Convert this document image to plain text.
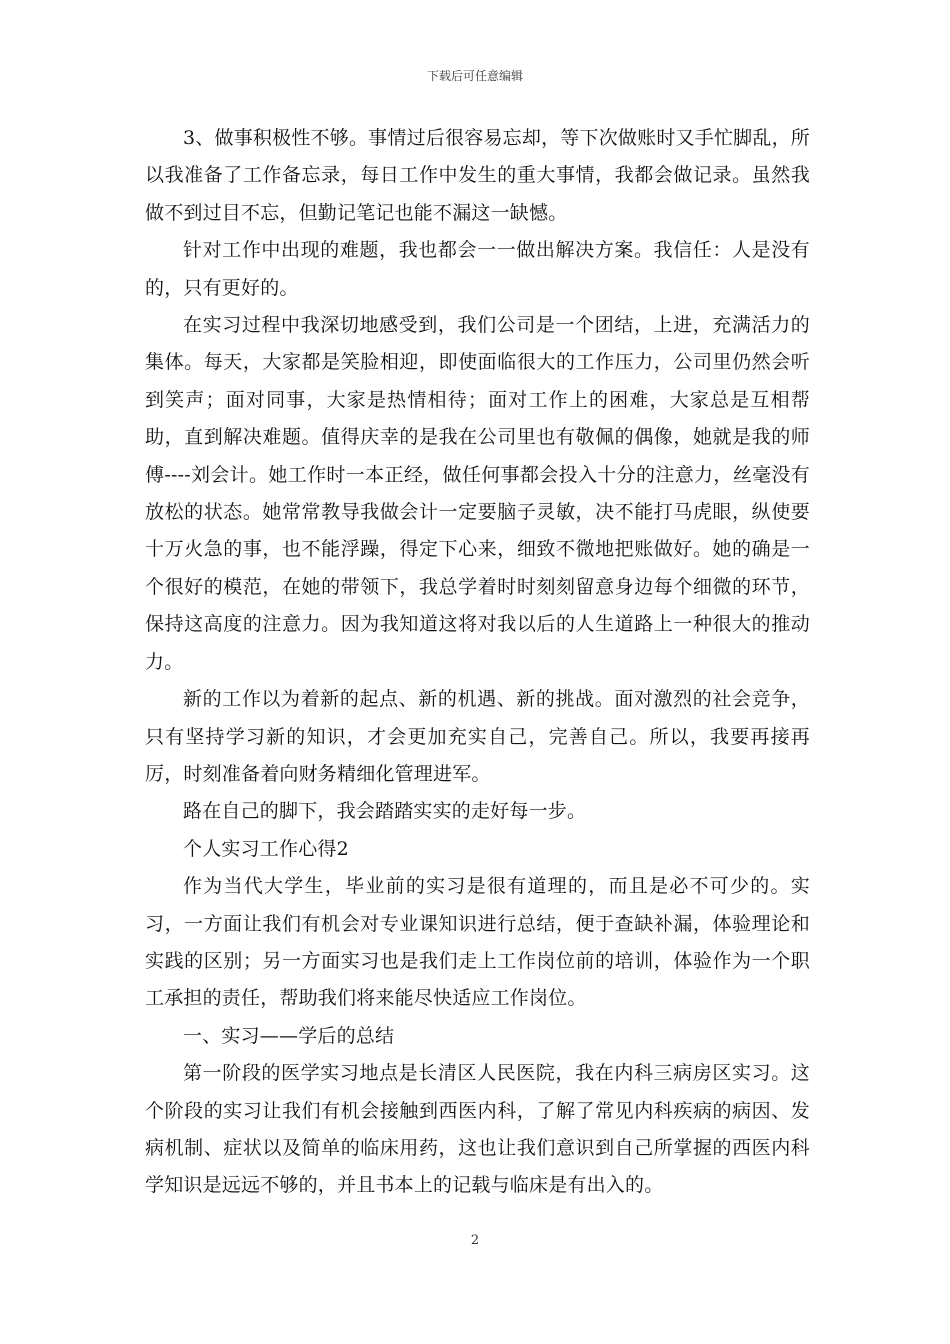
下载后可任意编辑

3、做事积极性不够。事情过后很容易忘却，等下次做账时又手忙脚乱，所以我准备了工作备忘录，每日工作中发生的重大事情，我都会做记录。虽然我做不到过目不忘，但勤记笔记也能不漏这一缺憾。

针对工作中出现的难题，我也都会一一做出解决方案。我信任：人是没有的，只有更好的。

在实习过程中我深切地感受到，我们公司是一个团结，上进，充满活力的集体。每天，大家都是笑脸相迎，即使面临很大的工作压力，公司里仍然会听到笑声；面对同事，大家是热情相待；面对工作上的困难，大家总是互相帮助，直到解决难题。值得庆幸的是我在公司里也有敬佩的偶像，她就是我的师傅----刘会计。她工作时一本正经，做任何事都会投入十分的注意力，丝毫没有放松的状态。她常常教导我做会计一定要脑子灵敏，决不能打马虎眼，纵使要十万火急的事，也不能浮躁，得定下心来，细致不微地把账做好。她的确是一个很好的模范，在她的带领下，我总学着时时刻刻留意身边每个细微的环节，保持这高度的注意力。因为我知道这将对我以后的人生道路上一种很大的推动力。

新的工作以为着新的起点、新的机遇、新的挑战。面对激烈的社会竞争，只有坚持学习新的知识，才会更加充实自己，完善自己。所以，我要再接再厉，时刻准备着向财务精细化管理进军。

路在自己的脚下，我会踏踏实实的走好每一步。

个人实习工作心得2

作为当代大学生，毕业前的实习是很有道理的，而且是必不可少的。实习，一方面让我们有机会对专业课知识进行总结，便于查缺补漏，体验理论和实践的区别；另一方面实习也是我们走上工作岗位前的培训，体验作为一个职工承担的责任，帮助我们将来能尽快适应工作岗位。

一、实习——学后的总结

第一阶段的医学实习地点是长清区人民医院，我在内科三病房区实习。这个阶段的实习让我们有机会接触到西医内科，了解了常见内科疾病的病因、发病机制、症状以及简单的临床用药，这也让我们意识到自己所掌握的西医内科学知识是远远不够的，并且书本上的记载与临床是有出入的。

2
